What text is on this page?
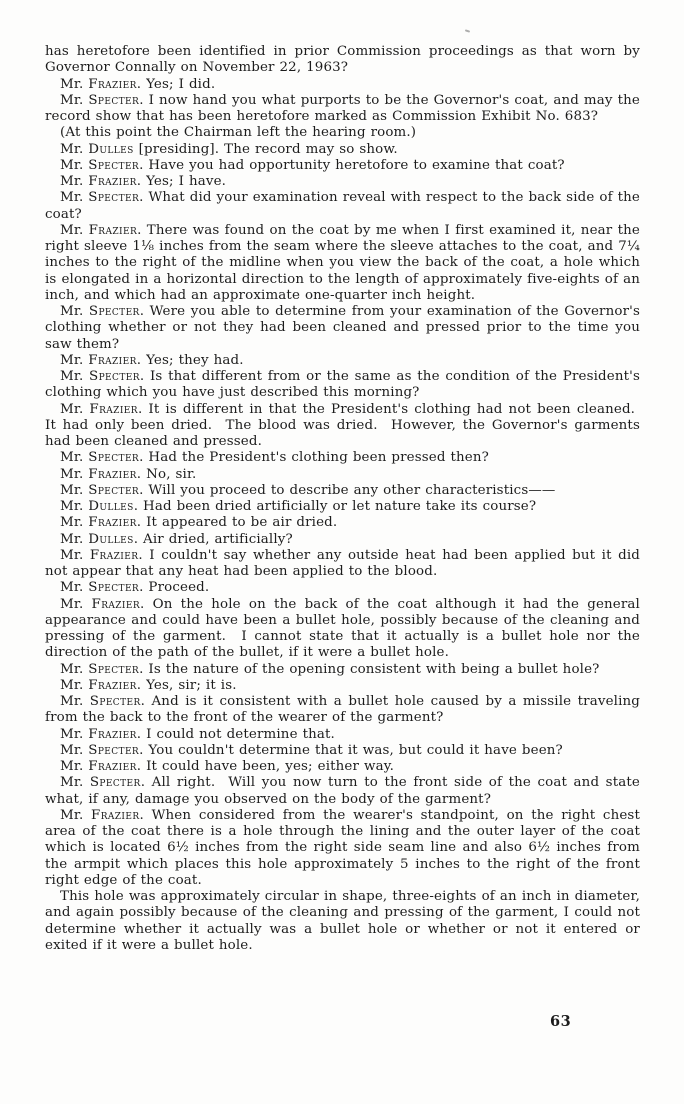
has heretofore been identified in prior Commission proceedings as that worn by Governor Connally on November 22, 1963?

Mr. Frazier. Yes; I did.

Mr. Specter. I now hand you what purports to be the Governor's coat, and may the record show that has been heretofore marked as Commission Exhibit No. 683?

(At this point the Chairman left the hearing room.)

Mr. Dulles [presiding]. The record may so show.

Mr. Specter. Have you had opportunity heretofore to examine that coat?

Mr. Frazier. Yes; I have.

Mr. Specter. What did your examination reveal with respect to the back side of the coat?

Mr. Frazier. There was found on the coat by me when I first examined it, near the right sleeve 1⅛ inches from the seam where the sleeve attaches to the coat, and 7¼ inches to the right of the midline when you view the back of the coat, a hole which is elongated in a horizontal direction to the length of approximately five-eights of an inch, and which had an approximate one-quarter inch height.

Mr. Specter. Were you able to determine from your examination of the Governor's clothing whether or not they had been cleaned and pressed prior to the time you saw them?

Mr. Frazier. Yes; they had.

Mr. Specter. Is that different from or the same as the condition of the President's clothing which you have just described this morning?

Mr. Frazier. It is different in that the President's clothing had not been cleaned.  It had only been dried.  The blood was dried.  However, the Governor's garments had been cleaned and pressed.

Mr. Specter. Had the President's clothing been pressed then?

Mr. Frazier. No, sir.

Mr. Specter. Will you proceed to describe any other characteristics——

Mr. Dulles. Had been dried artificially or let nature take its course?

Mr. Frazier. It appeared to be air dried.

Mr. Dulles. Air dried, artificially?

Mr. Frazier. I couldn't say whether any outside heat had been applied but it did not appear that any heat had been applied to the blood.

Mr. Specter. Proceed.

Mr. Frazier. On the hole on the back of the coat although it had the general appearance and could have been a bullet hole, possibly because of the cleaning and pressing of the garment.  I cannot state that it actually is a bullet hole nor the direction of the path of the bullet, if it were a bullet hole.

Mr. Specter. Is the nature of the opening consistent with being a bullet hole?

Mr. Frazier. Yes, sir; it is.

Mr. Specter. And is it consistent with a bullet hole caused by a missile traveling from the back to the front of the wearer of the garment?

Mr. Frazier. I could not determine that.

Mr. Specter. You couldn't determine that it was, but could it have been?

Mr. Frazier. It could have been, yes; either way.

Mr. Specter. All right.  Will you now turn to the front side of the coat and state what, if any, damage you observed on the body of the garment?

Mr. Frazier. When considered from the wearer's standpoint, on the right chest area of the coat there is a hole through the lining and the outer layer of the coat which is located 6½ inches from the right side seam line and also 6½ inches from the armpit which places this hole approximately 5 inches to the right of the front right edge of the coat.

This hole was approximately circular in shape, three-eights of an inch in diameter, and again possibly because of the cleaning and pressing of the garment, I could not determine whether it actually was a bullet hole or whether or not it entered or exited if it were a bullet hole.

63
